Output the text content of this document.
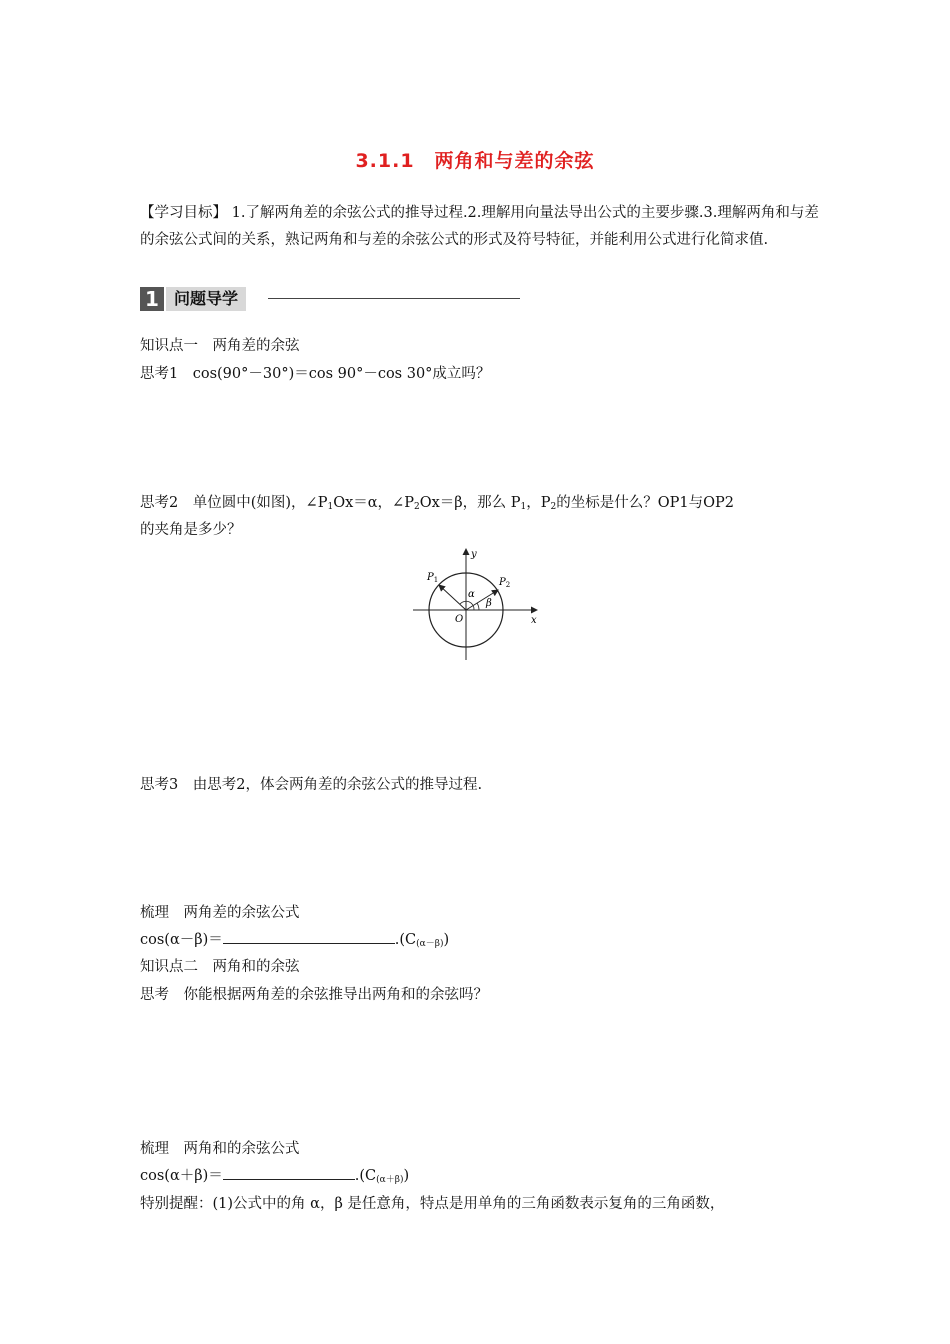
3.1.1　两角和与差的余弦
【学习目标】 1.了解两角差的余弦公式的推导过程.2.理解用向量法导出公式的主要步骤.3.理解两角和与差的余弦公式间的关系，熟记两角和与差的余弦公式的形式及符号特征，并能利用公式进行化简求值.
1 问题导学
知识点一　两角差的余弦
思考1　cos(90°－30°)＝cos 90°－cos 30°成立吗？
思考2　单位圆中(如图)，$\angle P_1Ox=\alpha$，$\angle P_2Ox=\beta$，那么 $P_1$，$P_2$的坐标是什么？OP1与OP2
的夹角是多少？
y
x
O
$P_1$	$P_2$
α
β
思考3　由思考2，体会两角差的余弦公式的推导过程.
梳理　两角差的余弦公式
cos(α－β)＝	$.(C_{(\alpha-\beta)})$
知识点二　两角和的余弦
思考　你能根据两角差的余弦推导出两角和的余弦吗？
梳理　两角和的余弦公式
cos(α＋β)＝	$.(C_{(\alpha+\beta)})$
特别提醒：(1)公式中的角 α，β 是任意角，特点是用单角的三角函数表示复角的三角函数，
